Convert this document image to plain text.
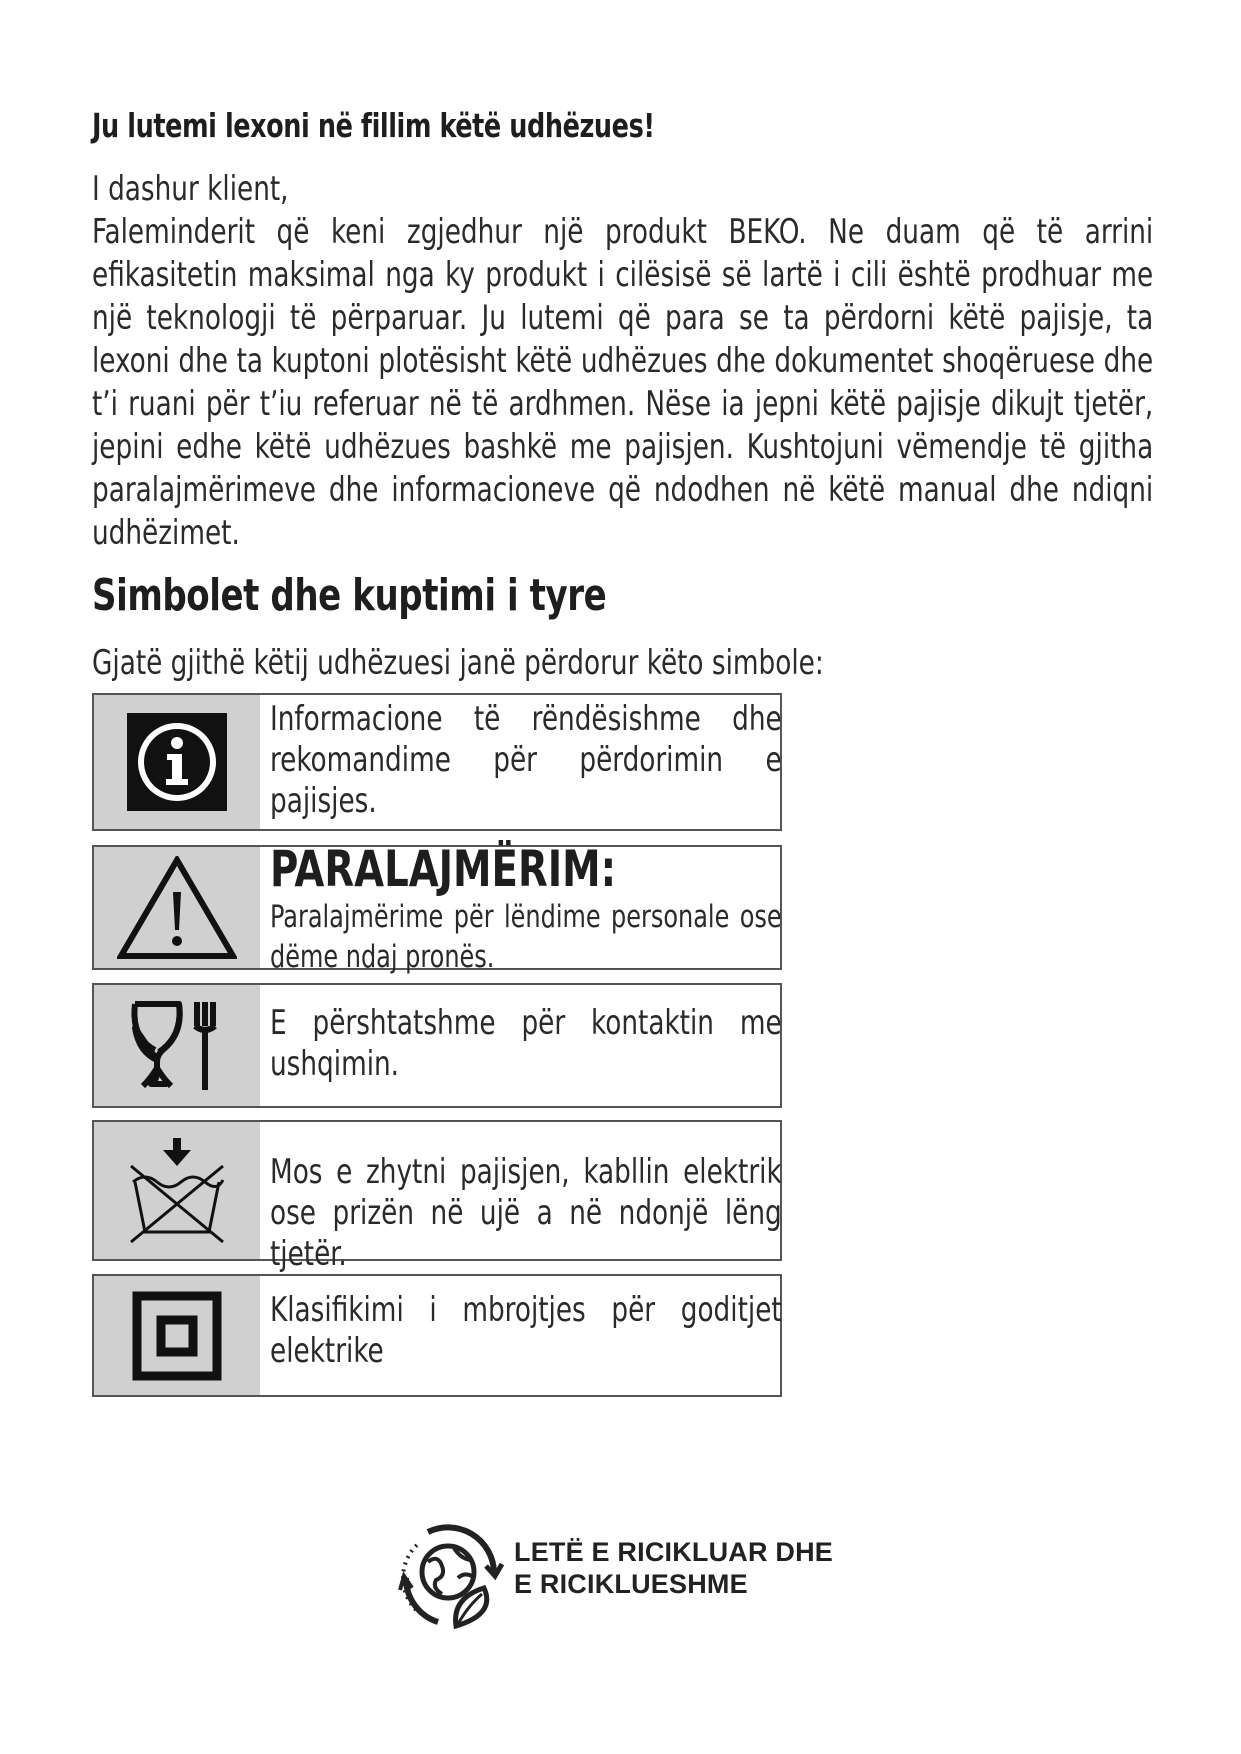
Ju lutemi lexoni në fillim këtë udhëzues!

I dashur klient,

Faleminderit që keni zgjedhur një produkt BEKO. Ne duam që të arrini efikasitetin maksimal nga ky produkt i cilësisë së lartë i cili është prodhuar me një teknologji të përparuar. Ju lutemi që para se ta përdorni këtë pajisje, ta lexoni dhe ta kuptoni plotësisht këtë udhëzues dhe dokumentet shoqëruese dhe t’i ruani për t’iu referuar në të ardhmen. Nëse ia jepni këtë pajisje dikujt tjetër, jepini edhe këtë udhëzues bashkë me pajisjen. Kushtojuni vëmendje të gjitha paralajmërimeve dhe informacioneve që ndodhen në këtë manual dhe ndiqni udhëzimet.

Simbolet dhe kuptimi i tyre

Gjatë gjithë këtij udhëzuesi janë përdorur këto simbole:

Informacione të rëndësishme dhe rekomandime për përdorimin e pajisjes.
PARALAJMËRIM:
Paralajmërime për lëndime personale ose dëme ndaj pronës.
E përshtatshme për kontaktin me ushqimin.
Mos e zhytni pajisjen, kabllin elektrik ose prizën në ujë a në ndonjë lëng tjetër.
Klasifikimi i mbrojtjes për goditjet elektrike
LETË E RICIKLUAR DHE
E RICIKLUESHME
